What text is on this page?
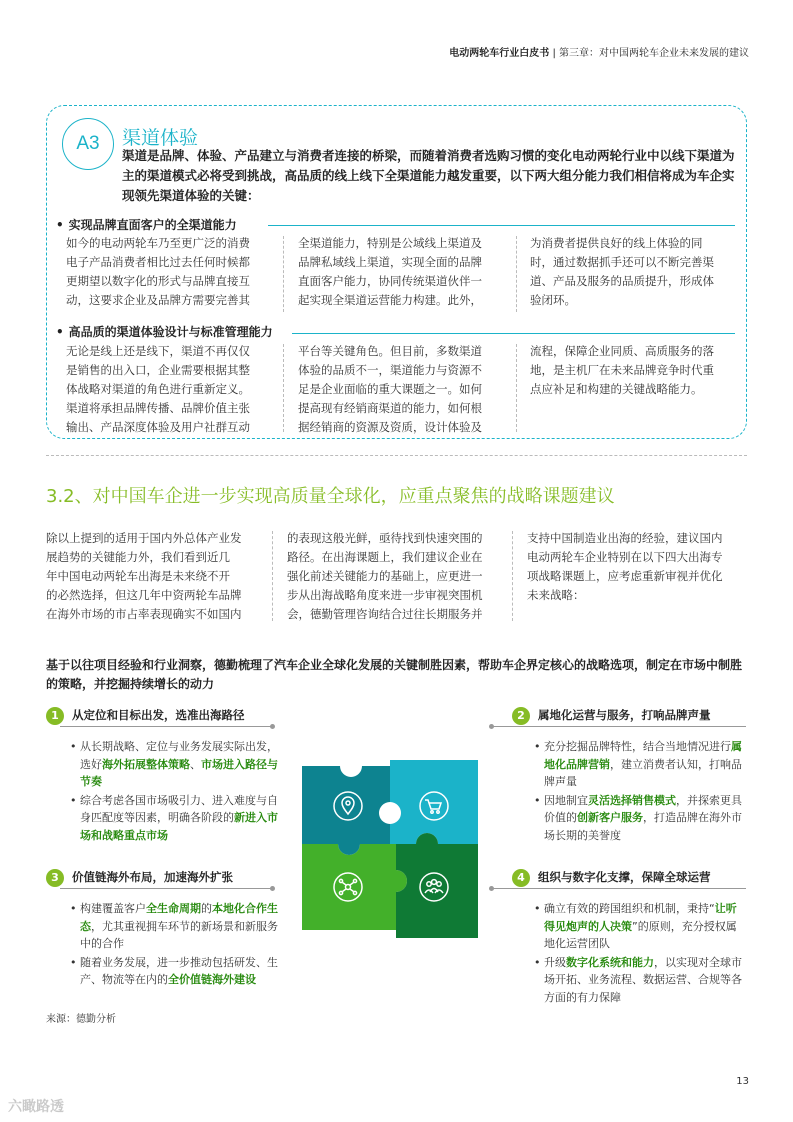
电动两轮车行业白皮书 | 第三章：对中国两轮车企业未来发展的建议
A3	渠道体验
渠道是品牌、体验、产品建立与消费者连接的桥梁，而随着消费者选购习惯的变化电动两轮行业中以线下渠道为主的渠道模式必将受到挑战，高品质的线上线下全渠道能力越发重要，以下两大组分能力我们相信将成为车企实现领先渠道体验的关键：
• 实现品牌直面客户的全渠道能力
如今的电动两轮车乃至更广泛的消费
电子产品消费者相比过去任何时候都
更期望以数字化的形式与品牌直接互
动，这要求企业及品牌方需要完善其
全渠道能力，特别是公域线上渠道及
品牌私域线上渠道，实现全面的品牌
直面客户能力，协同传统渠道伙伴一
起实现全渠道运营能力构建。此外，
为消费者提供良好的线上体验的同
时，通过数据抓手还可以不断完善渠
道、产品及服务的品质提升，形成体
验闭环。
• 高品质的渠道体验设计与标准管理能力
无论是线上还是线下，渠道不再仅仅
是销售的出入口，企业需要根据其整
体战略对渠道的角色进行重新定义。
渠道将承担品牌传播、品牌价值主张
输出、产品深度体验及用户社群互动
平台等关键角色。但目前，多数渠道
体验的品质不一，渠道能力与资源不
足是企业面临的重大课题之一。如何
提高现有经销商渠道的能力，如何根
据经销商的资源及资质，设计体验及
流程，保障企业同质、高质服务的落
地，是主机厂在未来品牌竞争时代重
点应补足和构建的关键战略能力。
3.2、对中国车企进一步实现高质量全球化，应重点聚焦的战略课题建议
除以上提到的适用于国内外总体产业发
展趋势的关键能力外，我们看到近几
年中国电动两轮车出海是未来绕不开
的必然选择，但这几年中资两轮车品牌
在海外市场的市占率表现确实不如国内
的表现这般光鲜，亟待找到快速突围的
路径。在出海课题上，我们建议企业在
强化前述关键能力的基础上，应更进一
步从出海战略角度来进一步审视突围机
会，德勤管理咨询结合过往长期服务并
支持中国制造业出海的经验，建议国内
电动两轮车企业特别在以下四大出海专
项战略课题上，应考虑重新审视并优化
未来战略：
基于以往项目经验和行业洞察，德勤梳理了汽车企业全球化发展的关键制胜因素，帮助车企界定核心的战略选项，制定在市场中制胜的策略，并挖掘持续增长的动力
1	从定位和目标出发，选准出海路径
• 从长期战略、定位与业务发展实际出发，选好海外拓展整体策略、市场进入路径与节奏
• 综合考虑各国市场吸引力、进入难度与自身匹配度等因素，明确各阶段的新进入市场和战略重点市场
2	属地化运营与服务，打响品牌声量
• 充分挖掘品牌特性，结合当地情况进行属地化品牌营销，建立消费者认知，打响品牌声量
• 因地制宜灵活选择销售模式，并探索更具价值的创新客户服务，打造品牌在海外市场长期的美誉度
3	价值链海外布局，加速海外扩张
• 构建覆盖客户全生命周期的本地化合作生态，尤其重视拥车环节的新场景和新服务中的合作
• 随着业务发展，进一步推动包括研发、生产、物流等在内的全价值链海外建设
4	组织与数字化支撑，保障全球运营
• 确立有效的跨国组织和机制，秉持“让听得见炮声的人决策”的原则，充分授权属地化运营团队
• 升级数字化系统和能力，以实现对全球市场开拓、业务流程、数据运营、合规等各方面的有力保障
来源：德勤分析
13
六瞰路透
